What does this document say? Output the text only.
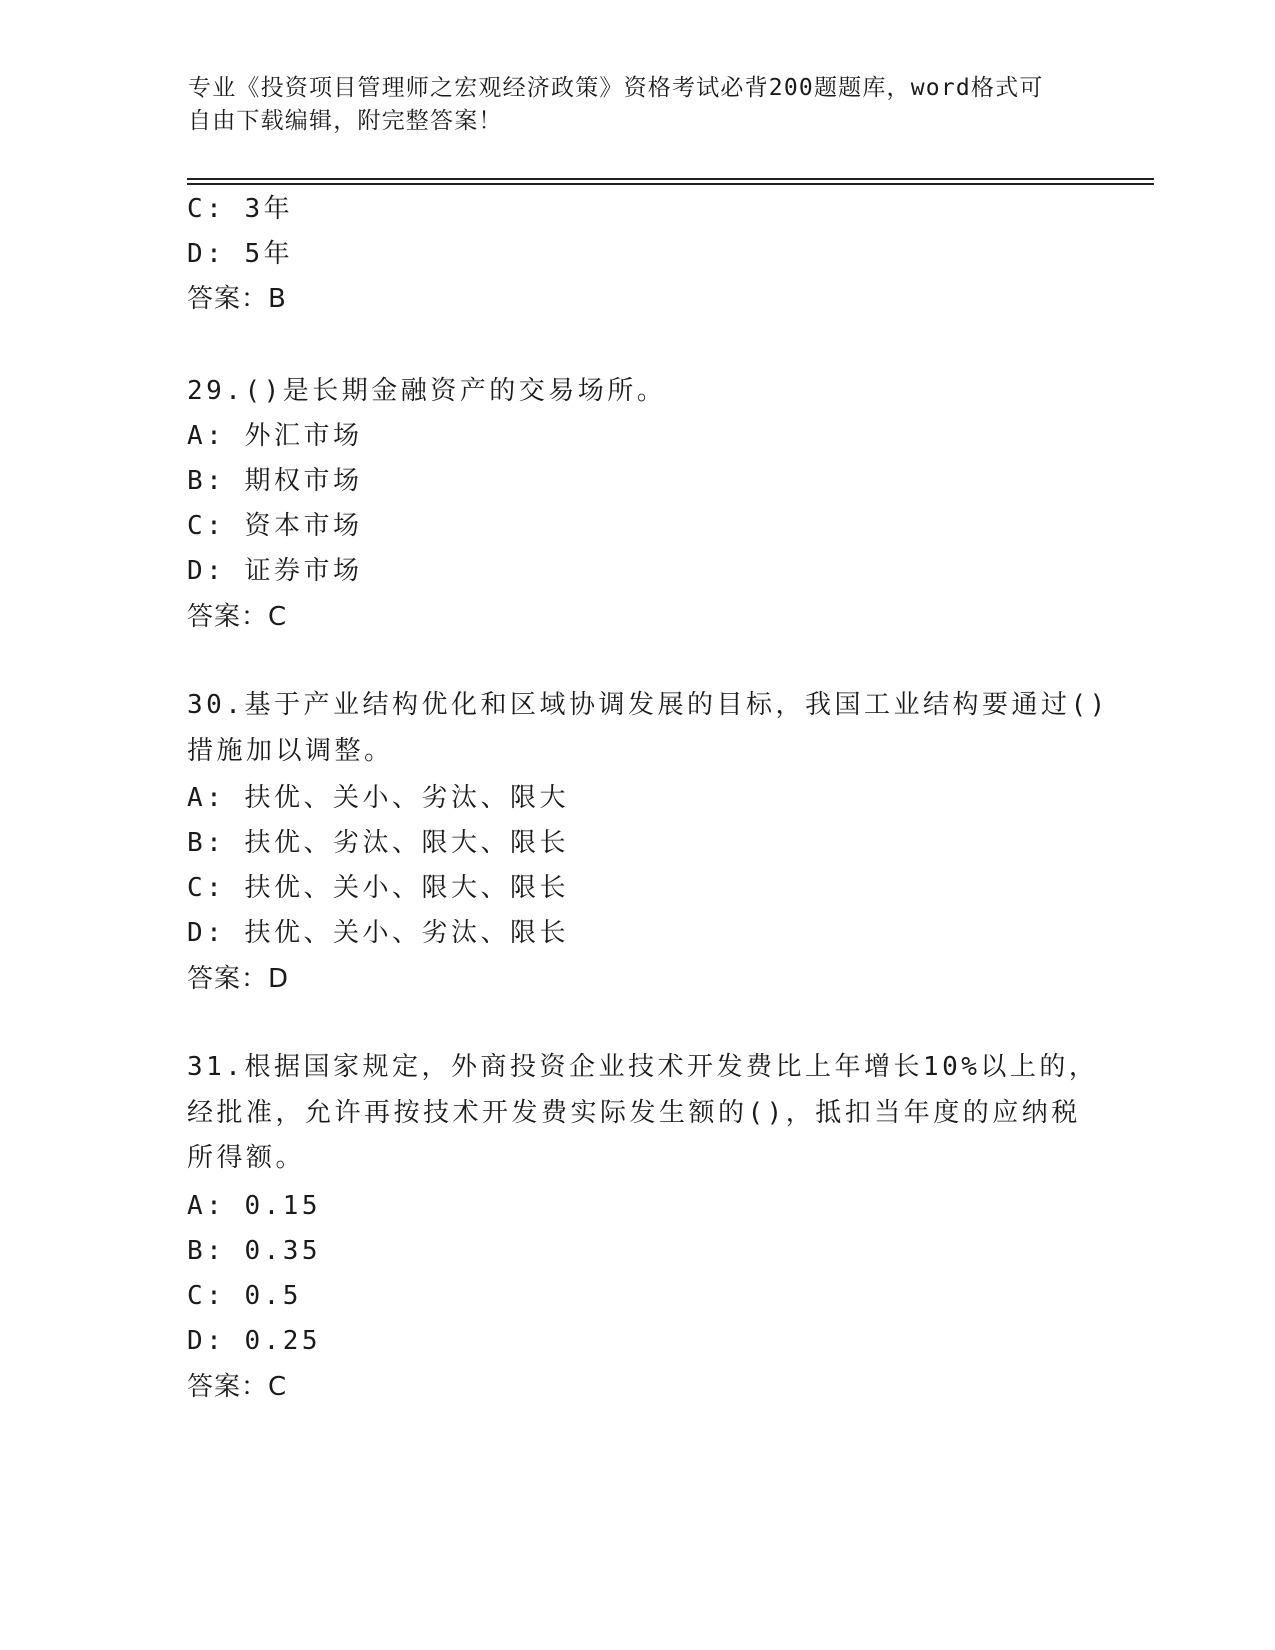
专业《投资项目管理师之宏观经济政策》资格考试必背200题题库，word格式可
自由下载编辑，附完整答案！
C: 3年
D: 5年
答案：B
29.()是长期金融资产的交易场所。
A: 外汇市场
B: 期权市场
C: 资本市场
D: 证券市场
答案：C
30.基于产业结构优化和区域协调发展的目标，我国工业结构要通过()
措施加以调整。
A: 扶优、关小、劣汰、限大
B: 扶优、劣汰、限大、限长
C: 扶优、关小、限大、限长
D: 扶优、关小、劣汰、限长
答案：D
31.根据国家规定，外商投资企业技术开发费比上年增长10%以上的，
经批准，允许再按技术开发费实际发生额的()，抵扣当年度的应纳税
所得额。
A: 0.15
B: 0.35
C: 0.5
D: 0.25
答案：C
